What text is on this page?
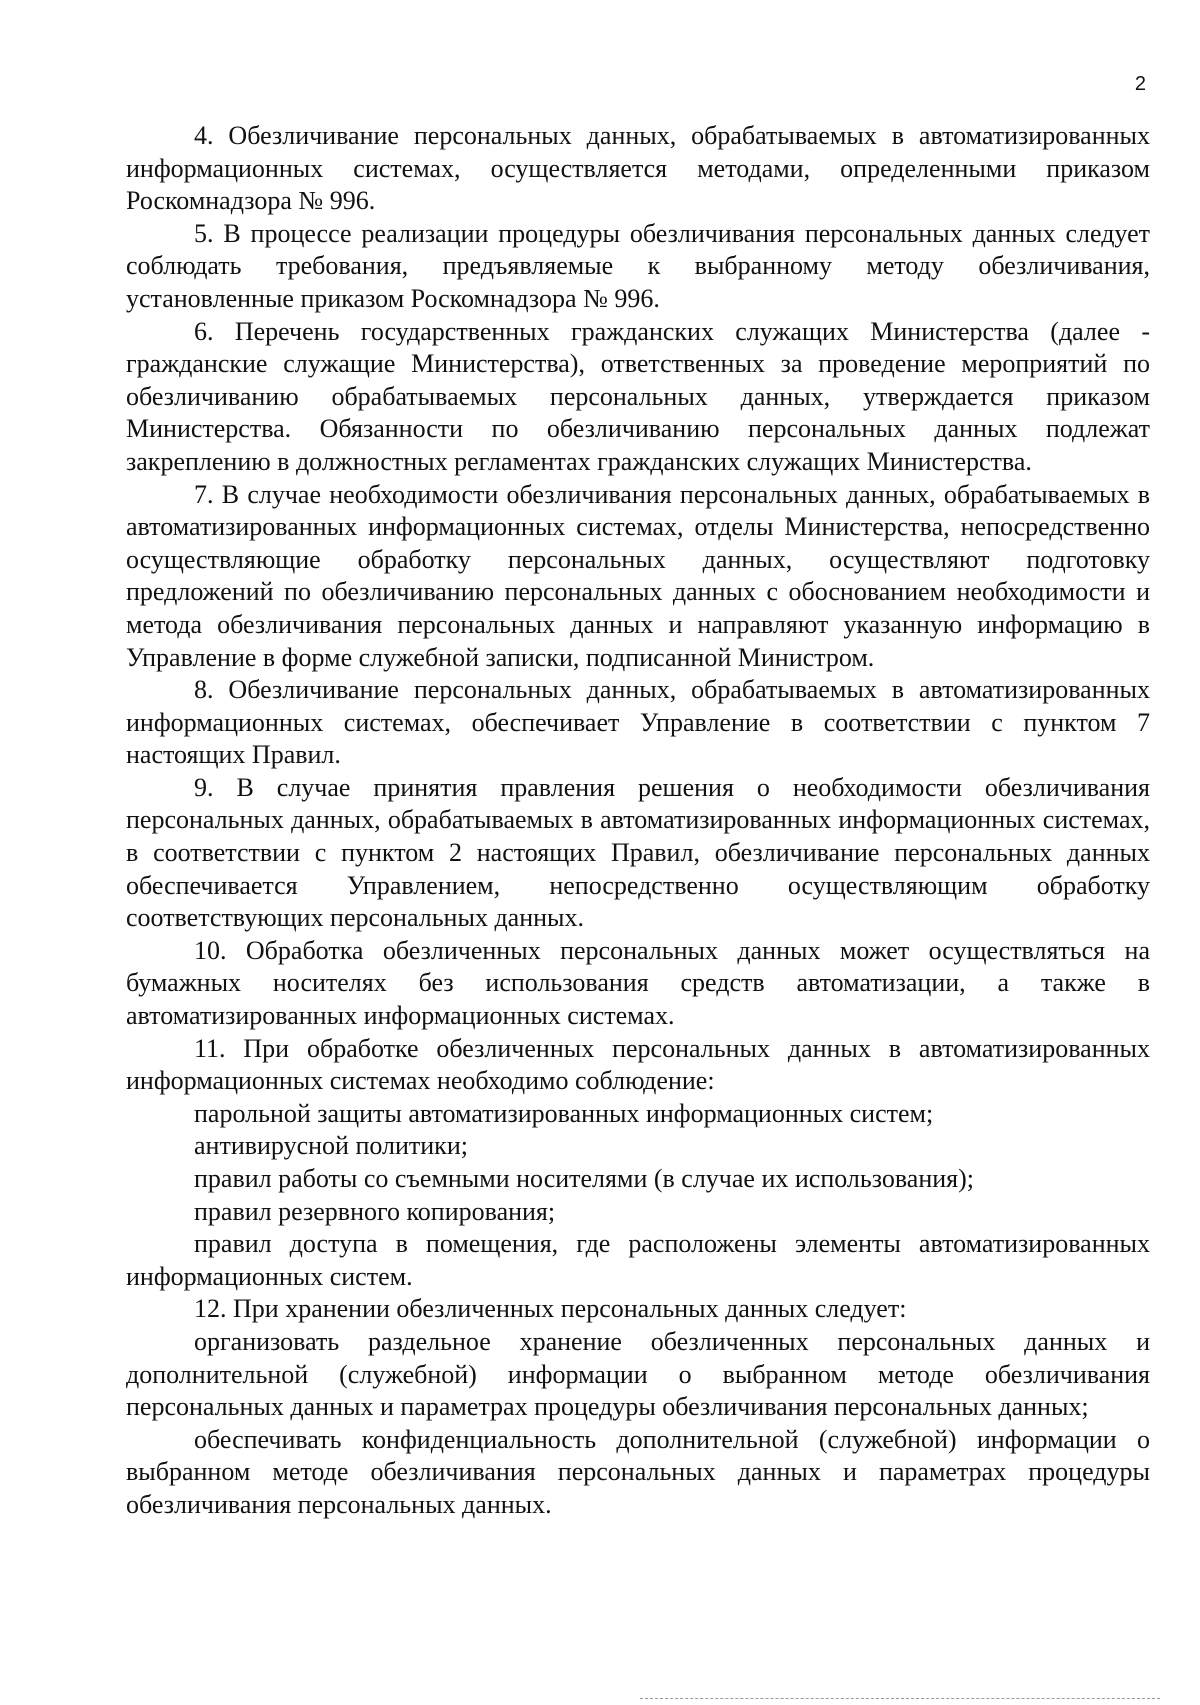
2

4. Обезличивание персональных данных, обрабатываемых в автоматизированных информационных системах, осуществляется методами, определенными приказом Роскомнадзора № 996.

5. В процессе реализации процедуры обезличивания персональных данных следует соблюдать требования, предъявляемые к выбранному методу обезличивания, установленные приказом Роскомнадзора № 996.

6. Перечень государственных гражданских служащих Министерства (далее - гражданские служащие Министерства), ответственных за проведение мероприятий по обезличиванию обрабатываемых персональных данных, утверждается приказом Министерства. Обязанности по обезличиванию персональных данных подлежат закреплению в должностных регламентах гражданских служащих Министерства.

7. В случае необходимости обезличивания персональных данных, обрабатываемых в автоматизированных информационных системах, отделы Министерства, непосредственно осуществляющие обработку персональных данных, осуществляют подготовку предложений по обезличиванию персональных данных с обоснованием необходимости и метода обезличивания персональных данных и направляют указанную информацию в Управление в форме служебной записки, подписанной Министром.

8. Обезличивание персональных данных, обрабатываемых в автоматизированных информационных системах, обеспечивает Управление в соответствии с пунктом 7 настоящих Правил.

9. В случае принятия правления решения о необходимости обезличивания персональных данных, обрабатываемых в автоматизированных информационных системах, в соответствии с пунктом 2 настоящих Правил, обезличивание персональных данных обеспечивается Управлением, непосредственно осуществляющим обработку соответствующих персональных данных.

10. Обработка обезличенных персональных данных может осуществляться на бумажных носителях без использования средств автоматизации, а также в автоматизированных информационных системах.

11. При обработке обезличенных персональных данных в автоматизированных информационных системах необходимо соблюдение:

парольной защиты автоматизированных информационных систем;

антивирусной политики;

правил работы со съемными носителями (в случае их использования);

правил резервного копирования;

правил доступа в помещения, где расположены элементы автоматизированных информационных систем.

12. При хранении обезличенных персональных данных следует:

организовать раздельное хранение обезличенных персональных данных и дополнительной (служебной) информации о выбранном методе обезличивания персональных данных и параметрах процедуры обезличивания персональных данных;

обеспечивать конфиденциальность дополнительной (служебной) информации о выбранном методе обезличивания персональных данных и параметрах процедуры обезличивания персональных данных.
